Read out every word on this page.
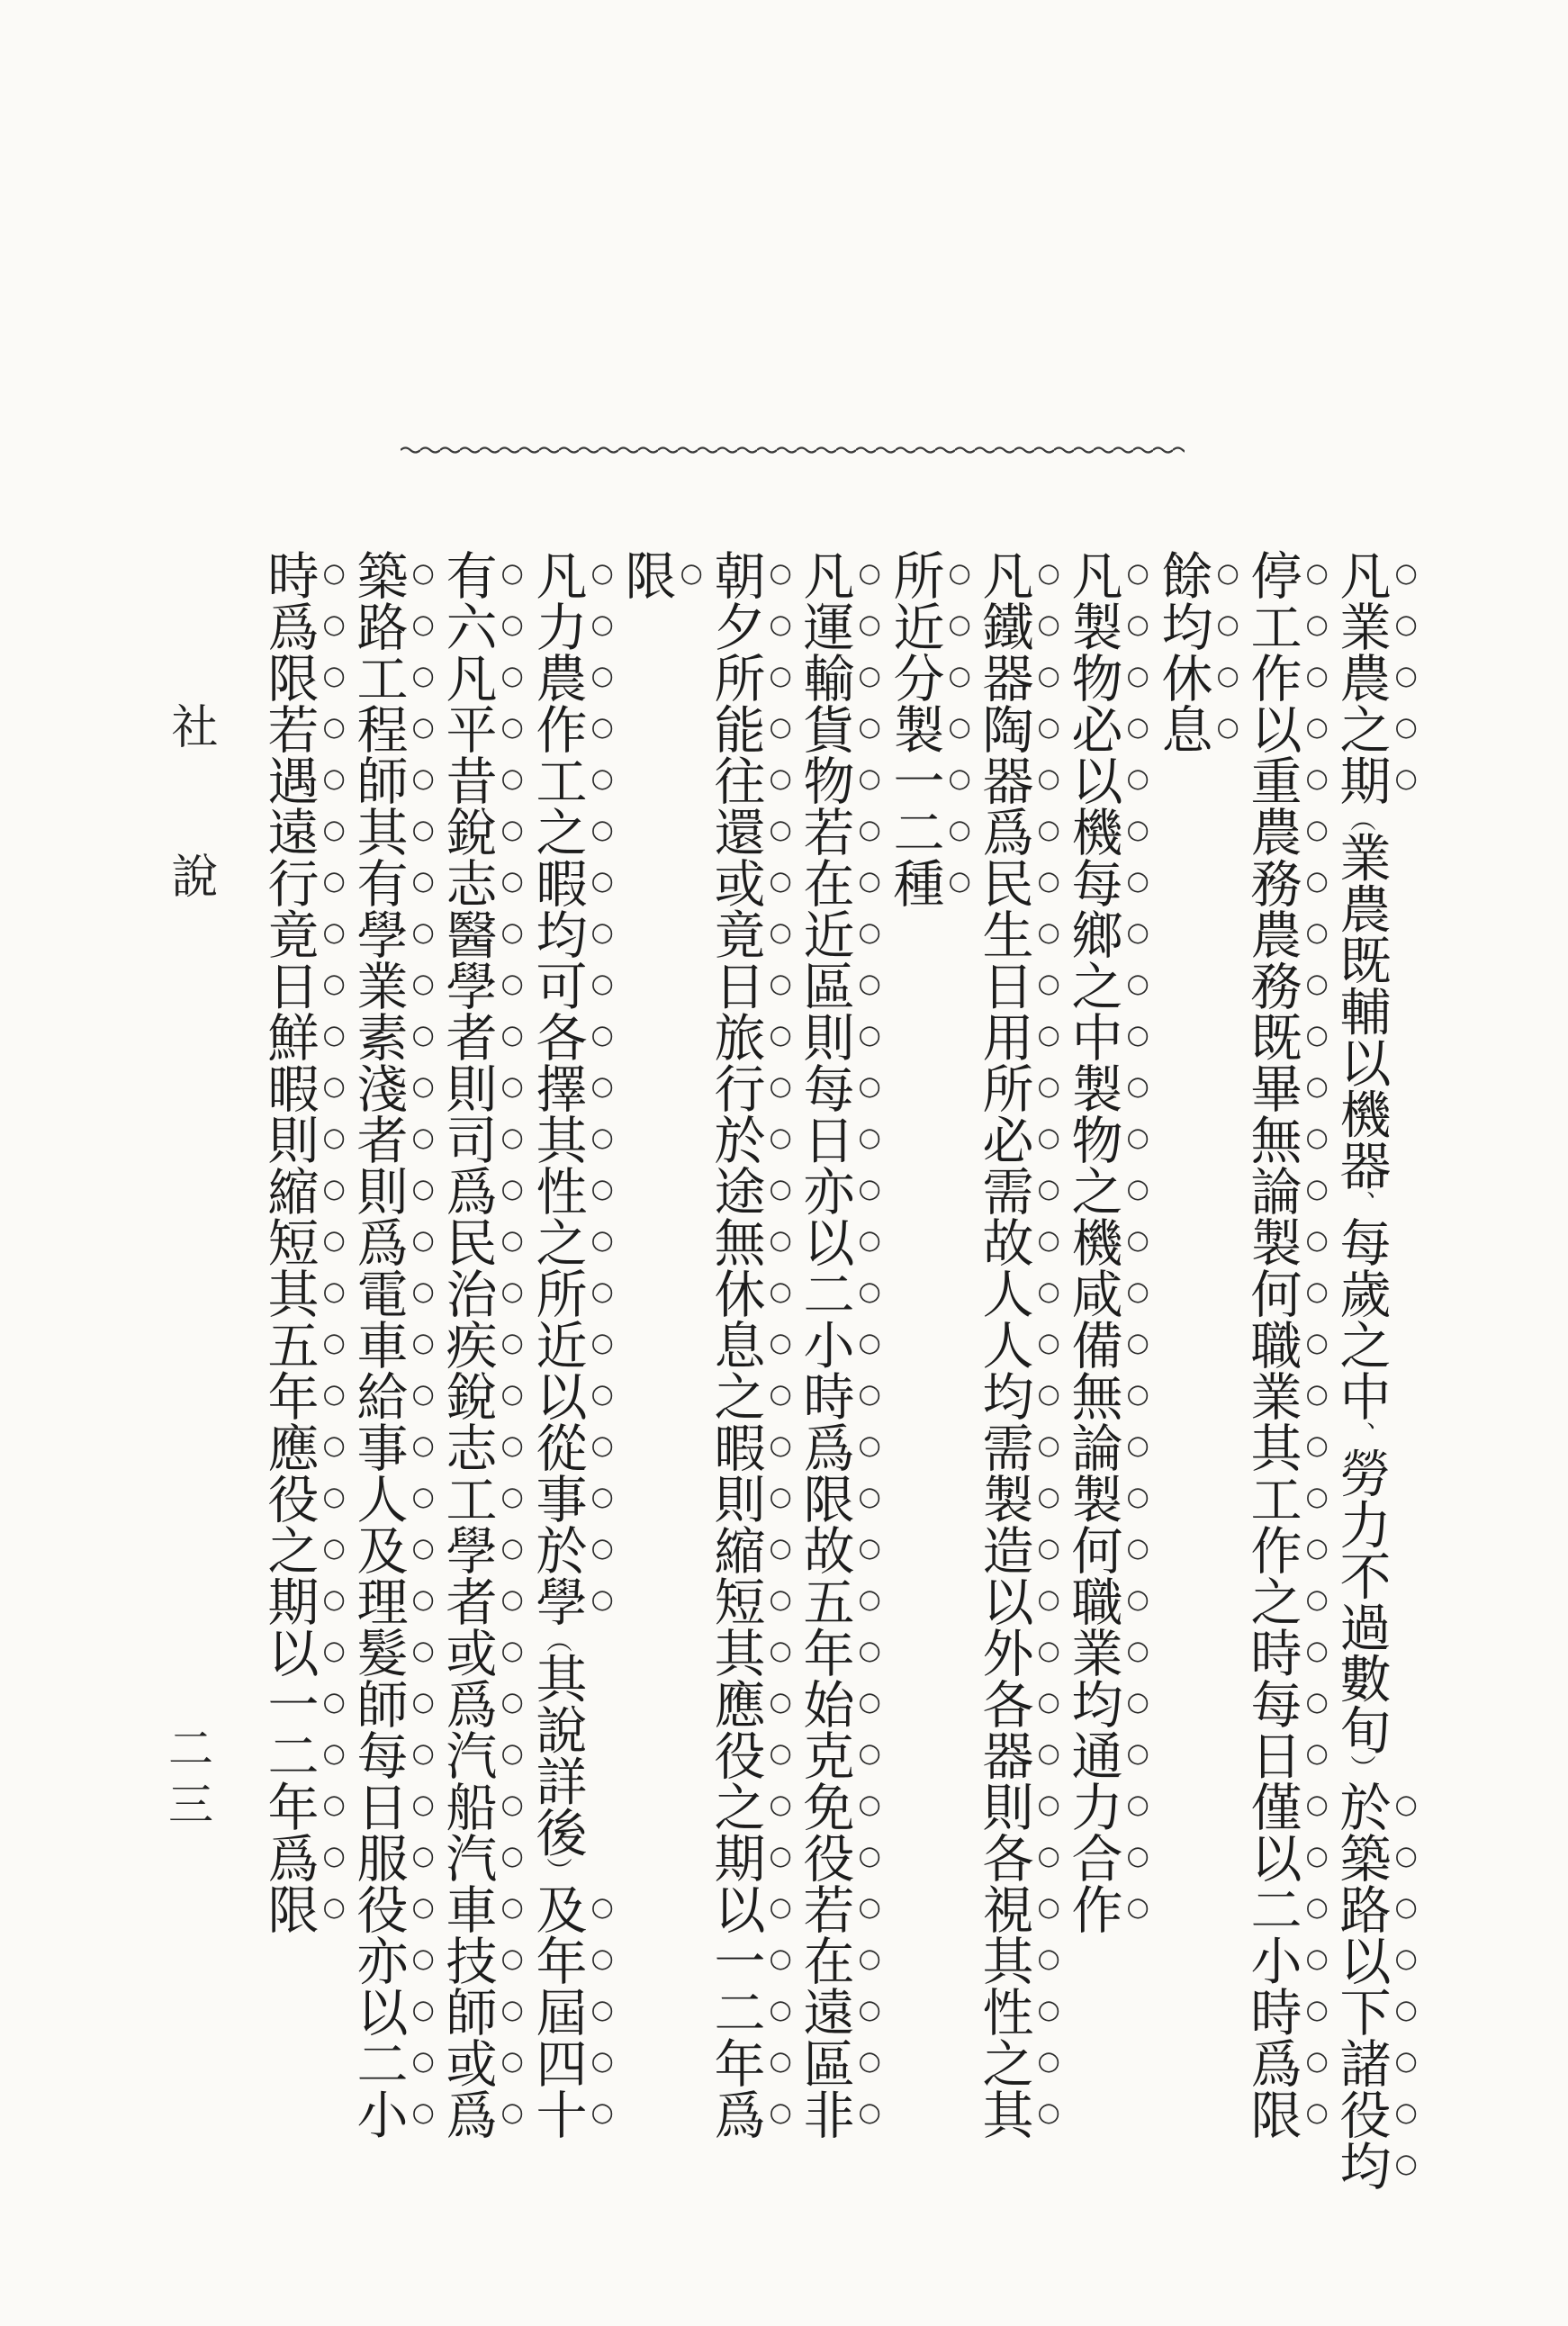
凡業農之期（業農既輔以機器、每歲之中、勞力不過數旬）於築路以下諸役均
停工作以重農務農務既畢無論製何職業其工作之時每日僅以二小時爲限
餘均休息
凡製物必以機每鄉之中製物之機咸備無論製何職業均通力合作
凡鐵器陶器爲民生日用所必需故人人均需製造以外各器則各視其性之其
所近分製一二種
凡運輸貨物若在近區則每日亦以二小時爲限故五年始克免役若在遠區非
朝夕所能往還或竟日旅行於途無休息之暇則縮短其應役之期以一二年爲
限
凡力農作工之暇均可各擇其性之所近以從事於學（其說詳後）及年屆四十
有六凡平昔銳志醫學者則司爲民治疾銳志工學者或爲汽船汽車技師或爲
築路工程師其有學業素淺者則爲電車給事人及理髮師每日服役亦以二小
時爲限若遇遠行竟日鮮暇則縮短其五年應役之期以一二年爲限
社說
二三
